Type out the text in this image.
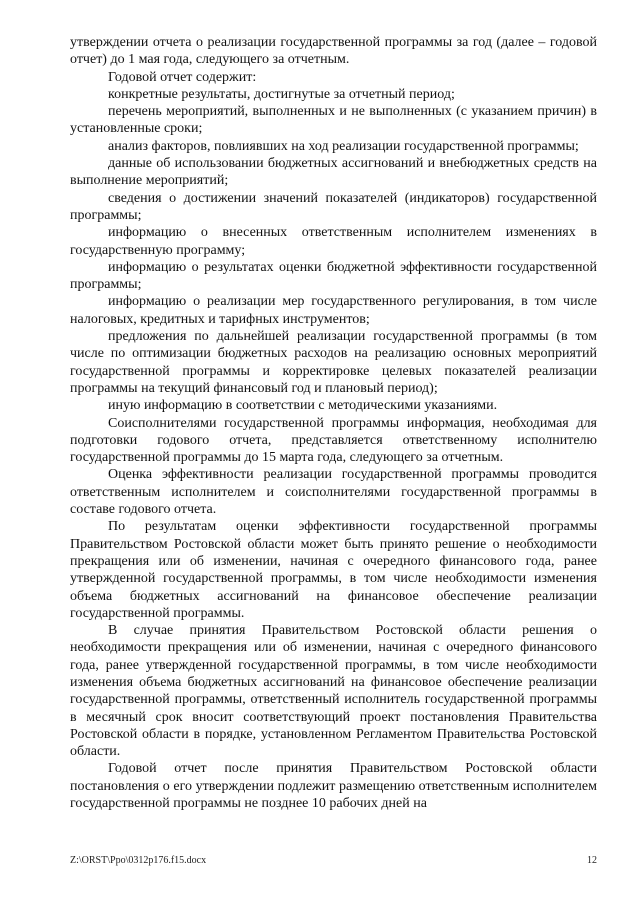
утверждении отчета о реализации государственной программы за год (далее – годовой отчет) до 1 мая года, следующего за отчетным.

Годовой отчет содержит:

конкретные результаты, достигнутые за отчетный период;

перечень мероприятий, выполненных и не выполненных (с указанием причин) в установленные сроки;

анализ факторов, повлиявших на ход реализации государственной программы;

данные об использовании бюджетных ассигнований и внебюджетных средств на выполнение мероприятий;

сведения о достижении значений показателей (индикаторов) государственной программы;

информацию о внесенных ответственным исполнителем изменениях в государственную программу;

информацию о результатах оценки бюджетной эффективности государственной программы;

информацию о реализации мер государственного регулирования, в том числе налоговых, кредитных и тарифных инструментов;

предложения по дальнейшей реализации государственной программы (в том числе по оптимизации бюджетных расходов на реализацию основных мероприятий государственной программы и корректировке целевых показателей реализации программы на текущий финансовый год и плановый период);

иную информацию в соответствии с методическими указаниями.

Соисполнителями государственной программы информация, необходимая для подготовки годового отчета, представляется ответственному исполнителю государственной программы до 15 марта года, следующего за отчетным.

Оценка эффективности реализации государственной программы проводится ответственным исполнителем и соисполнителями государственной программы в составе годового отчета.

По результатам оценки эффективности государственной программы Правительством Ростовской области может быть принято решение о необходимости прекращения или об изменении, начиная с очередного финансового года, ранее утвержденной государственной программы, в том числе необходимости изменения объема бюджетных ассигнований на финансовое обеспечение реализации государственной программы.

В случае принятия Правительством Ростовской области решения о необходимости прекращения или об изменении, начиная с очередного финансового года, ранее утвержденной государственной программы, в том числе необходимости изменения объема бюджетных ассигнований на финансовое обеспечение реализации государственной программы, ответственный исполнитель государственной программы в месячный срок вносит соответствующий проект постановления Правительства Ростовской области в порядке, установленном Регламентом Правительства Ростовской области.

Годовой отчет после принятия Правительством Ростовской области постановления о его утверждении подлежит размещению ответственным исполнителем государственной программы не позднее 10 рабочих дней на

Z:\ORST\Ppo\0312p176.f15.docx	12
